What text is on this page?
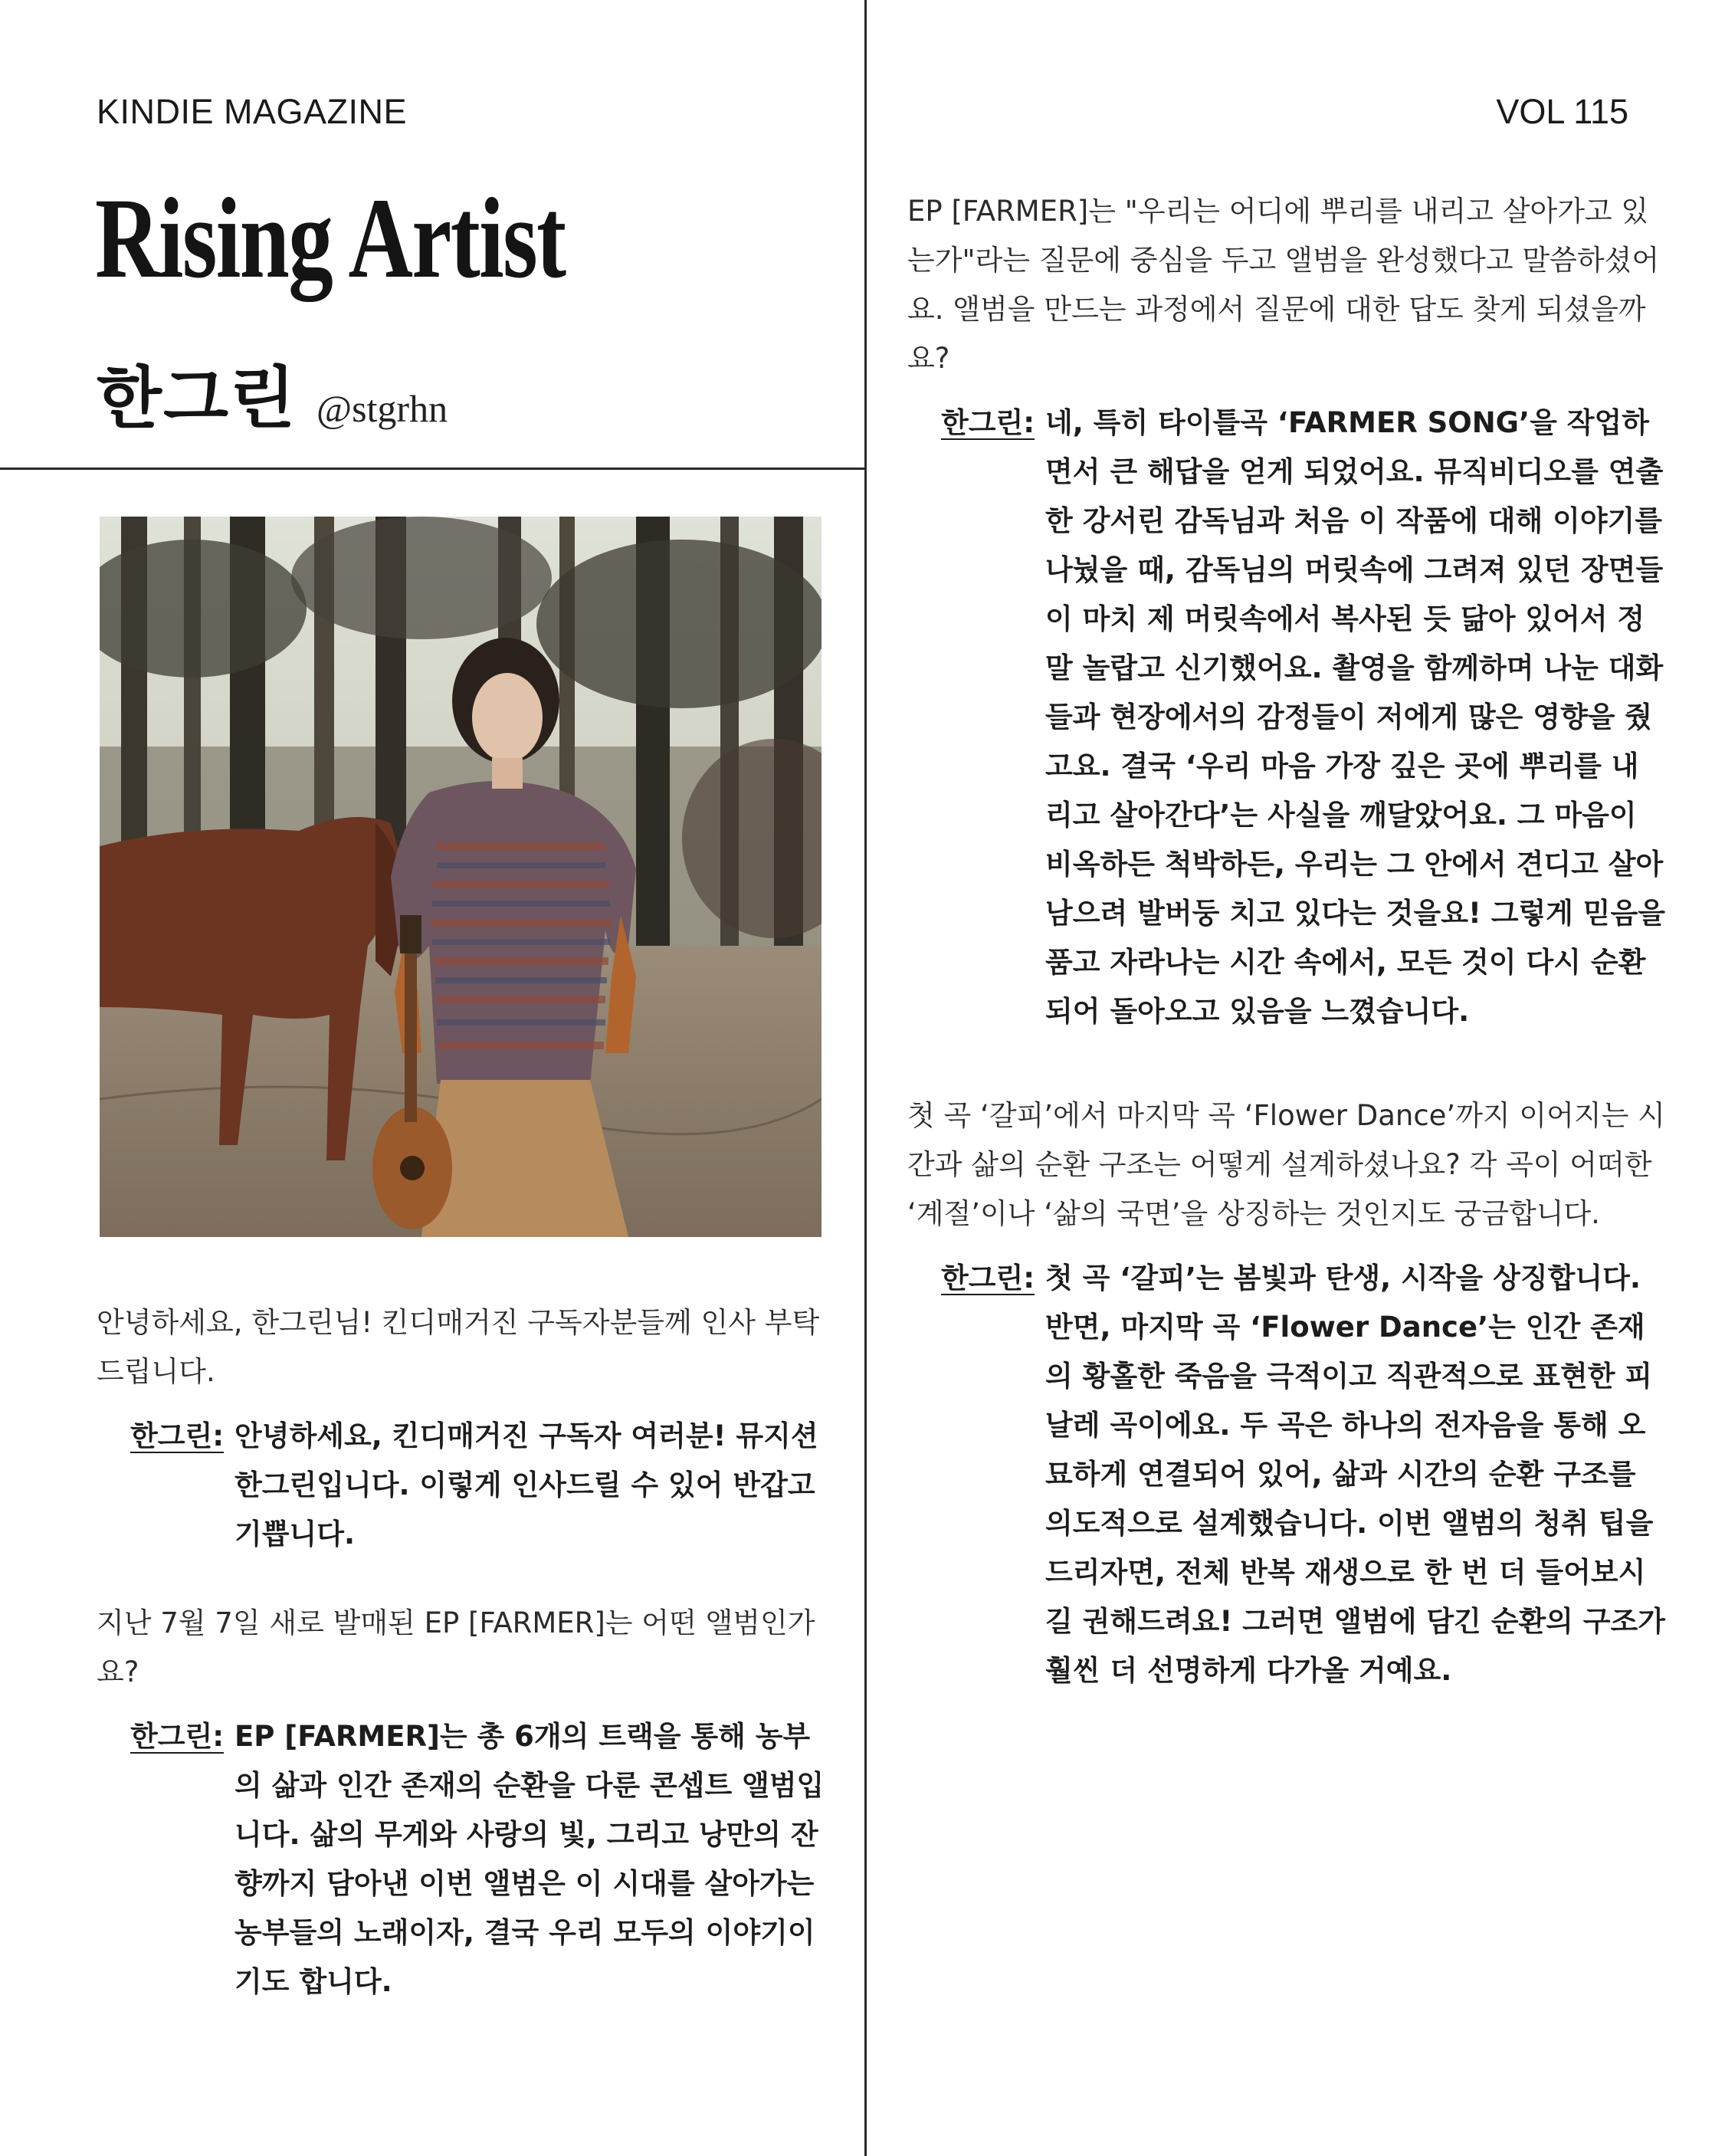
KINDIE MAGAZINE	VOL 115
Rising Artist
한그린 @stgrhn
안녕하세요, 한그린님! 킨디매거진 구독자분들께 인사 부탁드립니다.
한그린: 안녕하세요, 킨디매거진 구독자 여러분! 뮤지션 한그린입니다. 이렇게 인사드릴 수 있어 반갑고 기쁩니다.
지난 7월 7일 새로 발매된 EP [FARMER]는 어떤 앨범인가요?
한그린: EP [FARMER]는 총 6개의 트랙을 통해 농부의 삶과 인간 존재의 순환을 다룬 콘셉트 앨범입니다. 삶의 무게와 사랑의 빛, 그리고 낭만의 잔향까지 담아낸 이번 앨범은 이 시대를 살아가는 농부들의 노래이자, 결국 우리 모두의 이야기이기도 합니다.
EP [FARMER]는 "우리는 어디에 뿌리를 내리고 살아가고 있는가"라는 질문에 중심을 두고 앨범을 완성했다고 말씀하셨어요. 앨범을 만드는 과정에서 질문에 대한 답도 찾게 되셨을까요?
한그린: 네, 특히 타이틀곡 ‘FARMER SONG’을 작업하면서 큰 해답을 얻게 되었어요. 뮤직비디오를 연출한 강서린 감독님과 처음 이 작품에 대해 이야기를 나눴을 때, 감독님의 머릿속에 그려져 있던 장면들이 마치 제 머릿속에서 복사된 듯 닮아 있어서 정말 놀랍고 신기했어요. 촬영을 함께하며 나눈 대화들과 현장에서의 감정들이 저에게 많은 영향을 줬고요. 결국 ‘우리 마음 가장 깊은 곳에 뿌리를 내리고 살아간다’는 사실을 깨달았어요. 그 마음이 비옥하든 척박하든, 우리는 그 안에서 견디고 살아남으려 발버둥 치고 있다는 것을요! 그렇게 믿음을 품고 자라나는 시간 속에서, 모든 것이 다시 순환되어 돌아오고 있음을 느꼈습니다.
첫 곡 ‘갈피’에서 마지막 곡 ‘Flower Dance’까지 이어지는 시간과 삶의 순환 구조는 어떻게 설계하셨나요? 각 곡이 어떠한 ‘계절’이나 ‘삶의 국면’을 상징하는 것인지도 궁금합니다.
한그린: 첫 곡 ‘갈피’는 봄빛과 탄생, 시작을 상징합니다. 반면, 마지막 곡 ‘Flower Dance’는 인간 존재의 황홀한 죽음을 극적이고 직관적으로 표현한 피날레 곡이에요. 두 곡은 하나의 전자음을 통해 오묘하게 연결되어 있어, 삶과 시간의 순환 구조를 의도적으로 설계했습니다. 이번 앨범의 청취 팁을 드리자면, 전체 반복 재생으로 한 번 더 들어보시길 권해드려요! 그러면 앨범에 담긴 순환의 구조가 훨씬 더 선명하게 다가올 거예요.
